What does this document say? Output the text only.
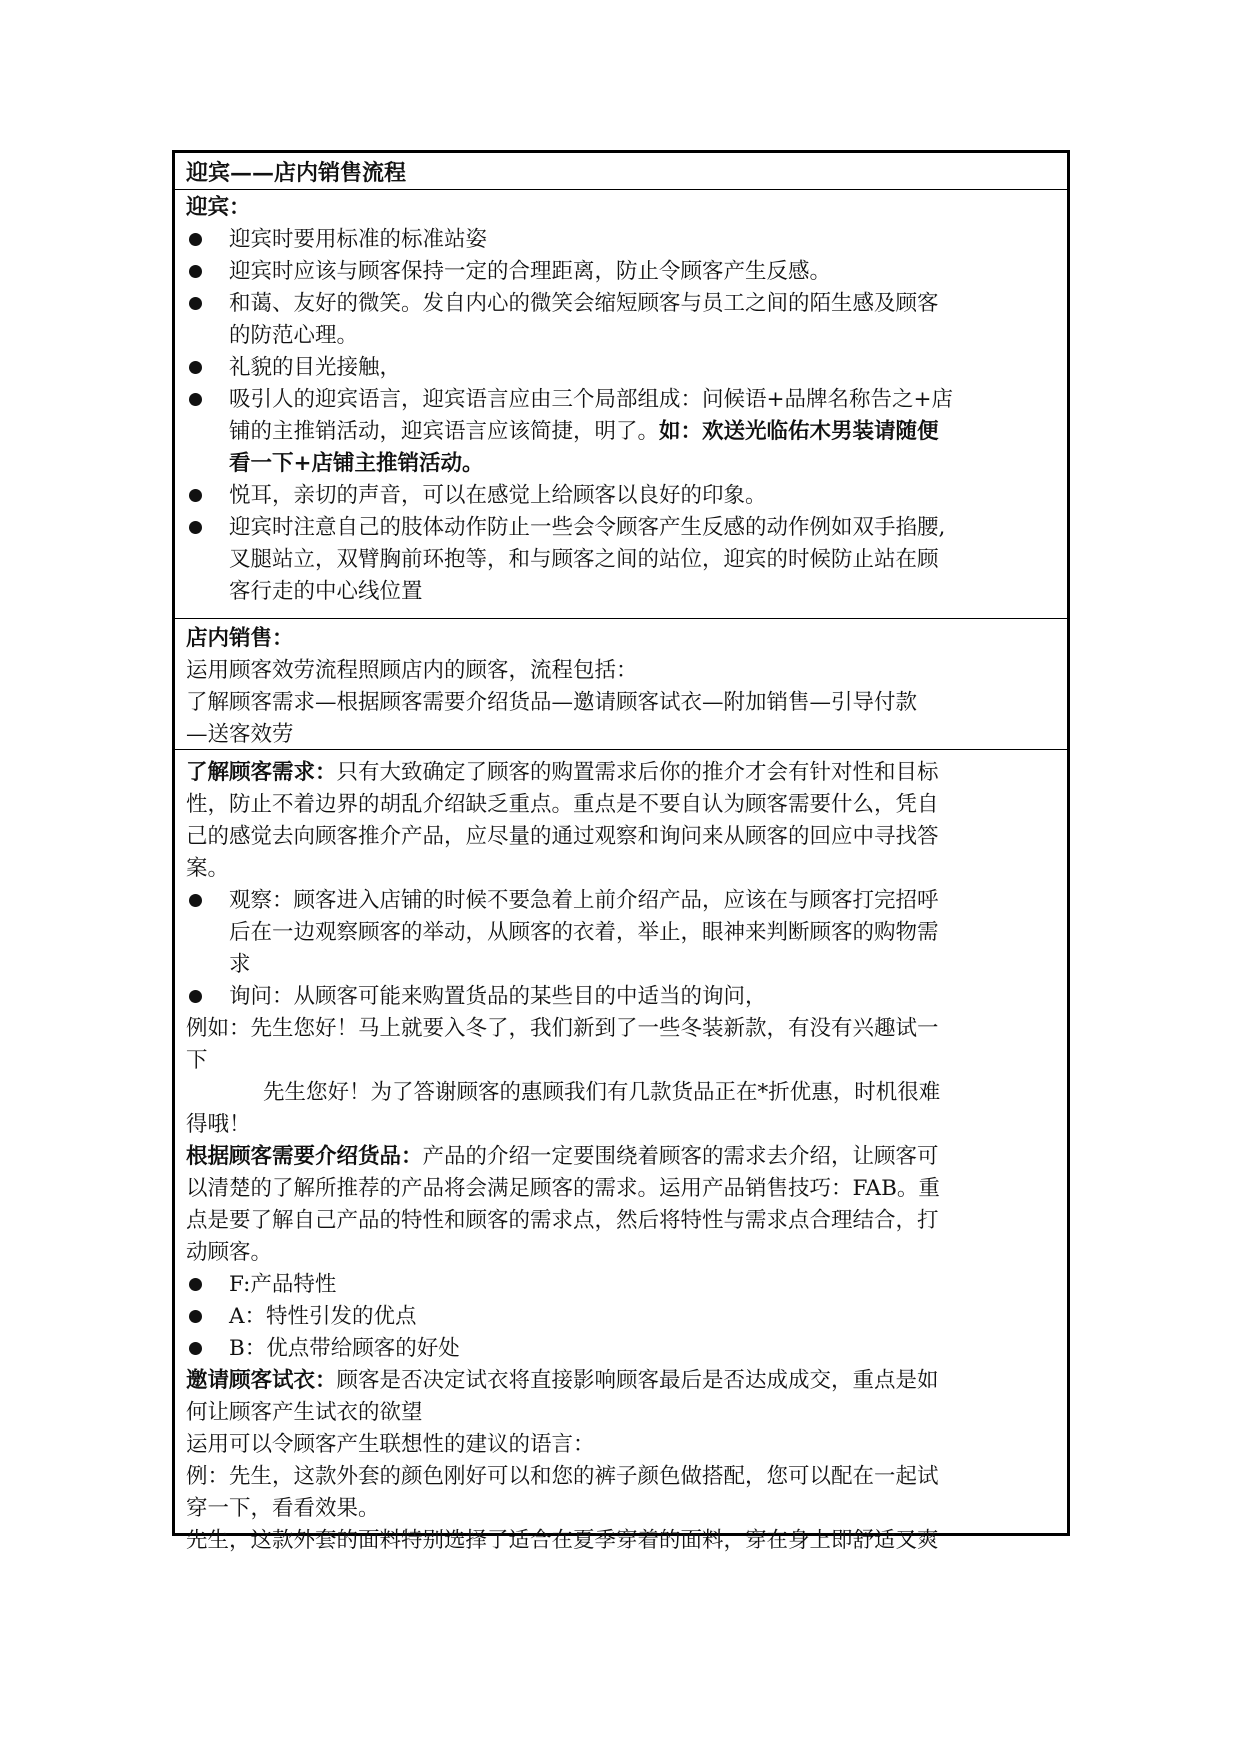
迎宾——店内销售流程
迎宾：
迎宾时要用标准的标准站姿
迎宾时应该与顾客保持一定的合理距离，防止令顾客产生反感。
和蔼、友好的微笑。发自内心的微笑会缩短顾客与员工之间的陌生感及顾客
的防范心理。
礼貌的目光接触，
吸引人的迎宾语言，迎宾语言应由三个局部组成：问候语+品牌名称告之+店
铺的主推销活动，迎宾语言应该简捷，明了。如：欢送光临佑木男装请随便
看一下+店铺主推销活动。
悦耳，亲切的声音，可以在感觉上给顾客以良好的印象。
迎宾时注意自己的肢体动作防止一些会令顾客产生反感的动作例如双手掐腰,
叉腿站立，双臂胸前环抱等，和与顾客之间的站位，迎宾的时候防止站在顾
客行走的中心线位置
店内销售：
运用顾客效劳流程照顾店内的顾客，流程包括：
了解顾客需求—根据顾客需要介绍货品—邀请顾客试衣—附加销售—引导付款
—送客效劳
了解顾客需求：只有大致确定了顾客的购置需求后你的推介才会有针对性和目标
性，防止不着边界的胡乱介绍缺乏重点。重点是不要自认为顾客需要什么，凭自
己的感觉去向顾客推介产品，应尽量的通过观察和询问来从顾客的回应中寻找答
案。
观察：顾客进入店铺的时候不要急着上前介绍产品，应该在与顾客打完招呼
后在一边观察顾客的举动，从顾客的衣着，举止，眼神来判断顾客的购物需
求
询问：从顾客可能来购置货品的某些目的中适当的询问，
例如：先生您好！马上就要入冬了，我们新到了一些冬装新款，有没有兴趣试一
下
先生您好！为了答谢顾客的惠顾我们有几款货品正在*折优惠，时机很难
得哦！
根据顾客需要介绍货品：产品的介绍一定要围绕着顾客的需求去介绍，让顾客可
以清楚的了解所推荐的产品将会满足顾客的需求。运用产品销售技巧：FAB。重
点是要了解自己产品的特性和顾客的需求点，然后将特性与需求点合理结合，打
动顾客。
F:产品特性
A：特性引发的优点
B：优点带给顾客的好处
邀请顾客试衣：顾客是否决定试衣将直接影响顾客最后是否达成成交，重点是如
何让顾客产生试衣的欲望
运用可以令顾客产生联想性的建议的语言：
例：先生，这款外套的颜色刚好可以和您的裤子颜色做搭配，您可以配在一起试
穿一下，看看效果。
先生，这款外套的面料特别选择了适合在夏季穿着的面料，穿在身上即舒适又爽
